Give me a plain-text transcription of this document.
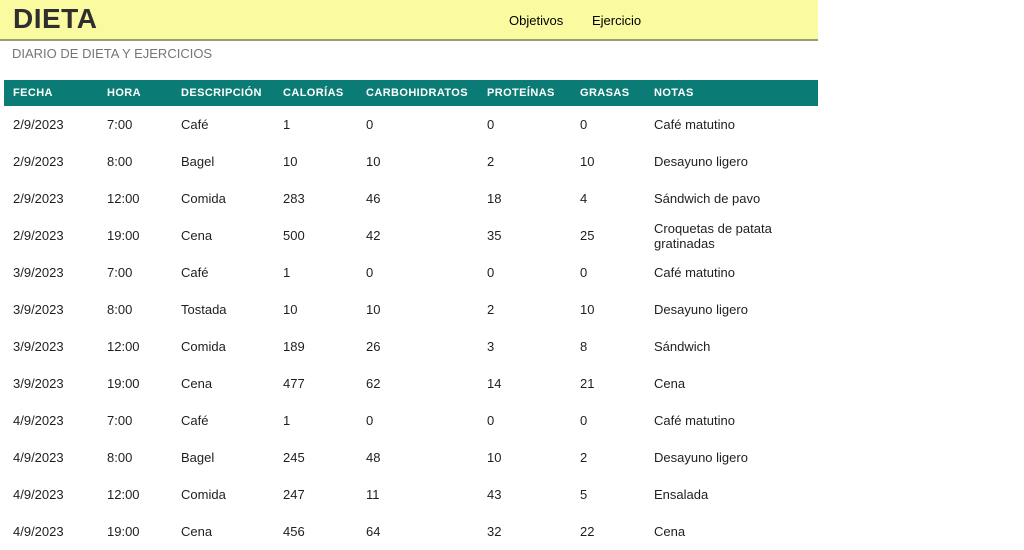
DIETA	Objetivos Ejercicio
DIARIO DE DIETA Y EJERCICIOS
FECHA	HORA	DESCRIPCIÓN	CALORÍAS	CARBOHIDRATOS	PROTEÍNAS	GRASAS	NOTAS
2/9/2023	7:00	Café	1	0	0	0	Café matutino
2/9/2023	8:00	Bagel	10	10	2	10	Desayuno ligero
2/9/2023	12:00	Comida	283	46	18	4	Sándwich de pavo
2/9/2023	19:00	Cena	500	42	35	25	Croquetas de patata gratinadas
3/9/2023	7:00	Café	1	0	0	0	Café matutino
3/9/2023	8:00	Tostada	10	10	2	10	Desayuno ligero
3/9/2023	12:00	Comida	189	26	3	8	Sándwich
3/9/2023	19:00	Cena	477	62	14	21	Cena
4/9/2023	7:00	Café	1	0	0	0	Café matutino
4/9/2023	8:00	Bagel	245	48	10	2	Desayuno ligero
4/9/2023	12:00	Comida	247	11	43	5	Ensalada
4/9/2023	19:00	Cena	456	64	32	22	Cena
